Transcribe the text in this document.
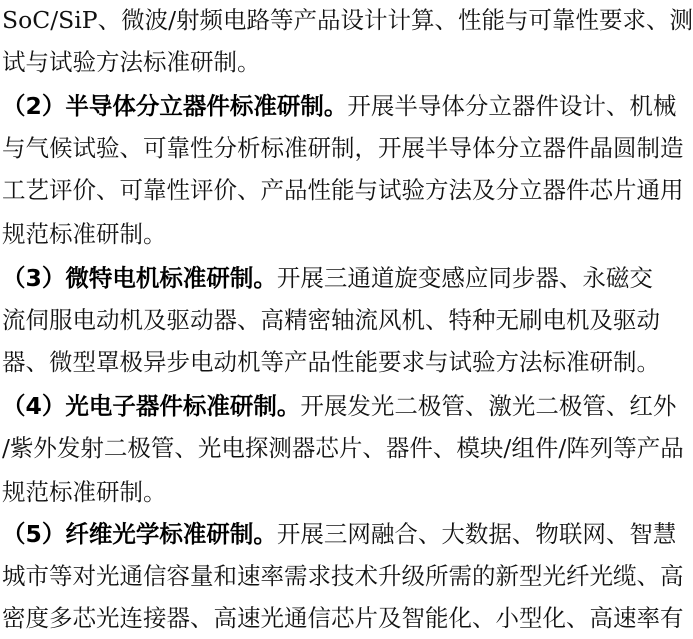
SoC/SiP、微波/射频电路等产品设计计算、性能与可靠性要求、测
试与试验方法标准研制。
（2）半导体分立器件标准研制。开展半导体分立器件设计、机械
与气候试验、可靠性分析标准研制，开展半导体分立器件晶圆制造
工艺评价、可靠性评价、产品性能与试验方法及分立器件芯片通用
规范标准研制。
（3）微特电机标准研制。开展三通道旋变感应同步器、永磁交
流伺服电动机及驱动器、高精密轴流风机、特种无刷电机及驱动
器、微型罩极异步电动机等产品性能要求与试验方法标准研制。
（4）光电子器件标准研制。开展发光二极管、激光二极管、红外
/紫外发射二极管、光电探测器芯片、器件、模块/组件/阵列等产品
规范标准研制。
（5）纤维光学标准研制。开展三网融合、大数据、物联网、智慧
城市等对光通信容量和速率需求技术升级所需的新型光纤光缆、高
密度多芯光连接器、高速光通信芯片及智能化、小型化、高速率有
